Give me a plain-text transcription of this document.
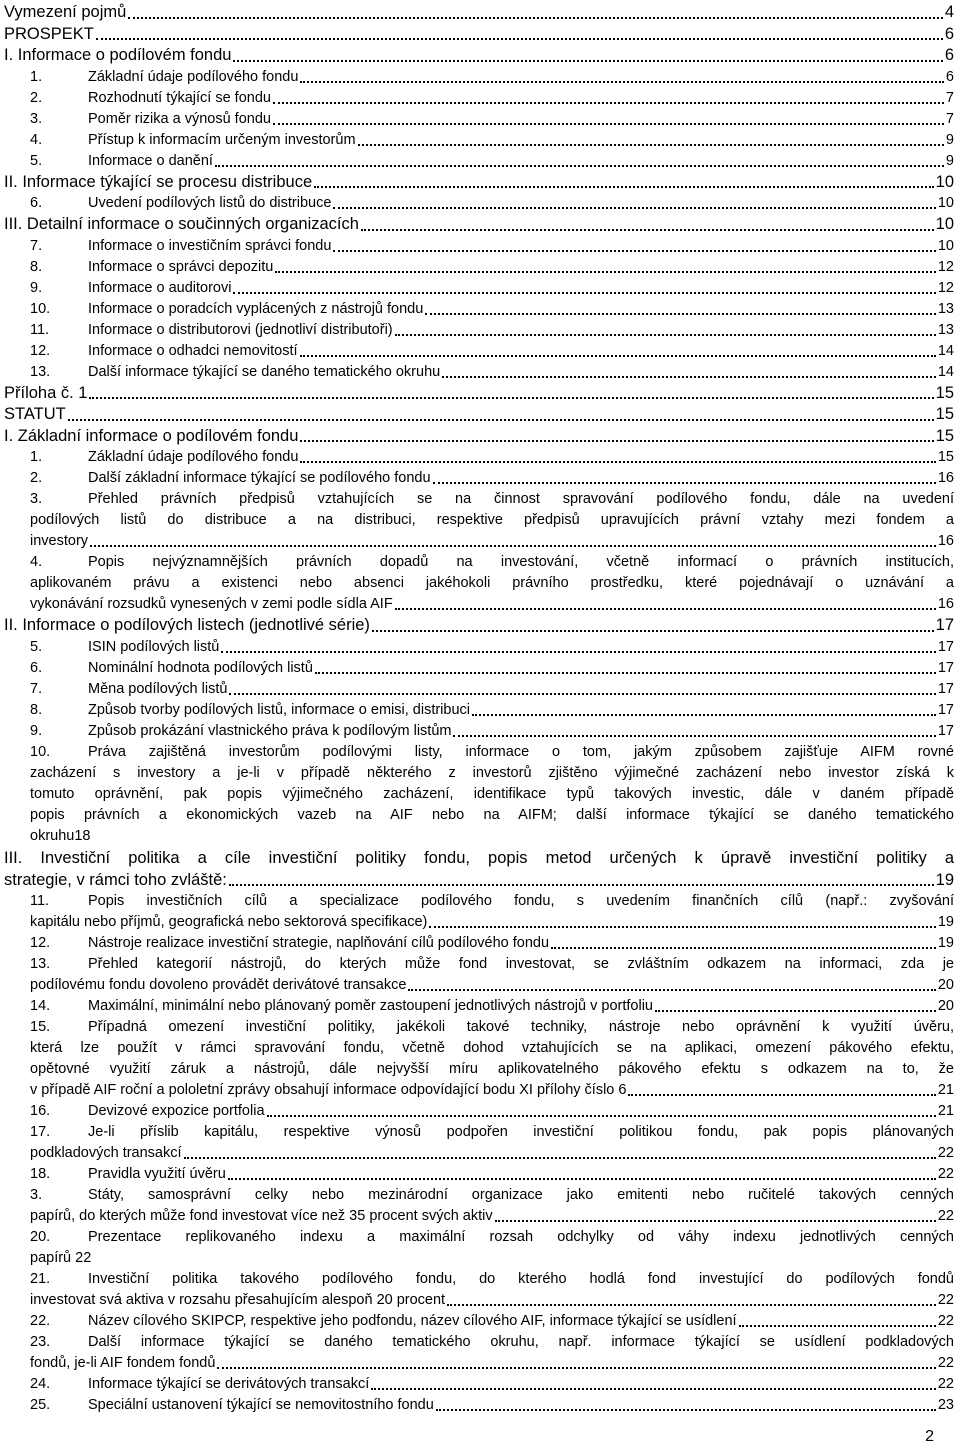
Vymezení pojmů	4
PROSPEKT	6
I. Informace o podílovém fondu	6
1.	Základní údaje podílového fondu	6
2.	Rozhodnutí týkající se fondu	7
3.	Poměr rizika a výnosů fondu	7
4.	Přístup k informacím určeným investorům	9
5.	Informace o danění	9
II. Informace týkající se procesu distribuce	10
6.	Uvedení podílových listů do distribuce	10
III. Detailní informace o součinných organizacích	10
7.	Informace o investičním správci fondu	10
8.	Informace o správci depozitu	12
9.	Informace o auditorovi	12
10.	Informace o poradcích vyplácených z nástrojů fondu	13
11.	Informace o distributorovi (jednotliví distributoři)	13
12.	Informace o odhadci nemovitostí	14
13.	Další informace týkající se daného tematického okruhu	14
Příloha č. 1	15
STATUT	15
I. Základní informace o podílovém fondu	15
1.	Základní údaje podílového fondu	15
2.	Další základní informace týkající se podílového fondu	16
3.	Přehled právních předpisů vztahujících se na činnost spravování podílového fondu, dále na uvedení
podílových listů do distribuce a na distribuci, respektive předpisů upravujících právní vztahy mezi fondem a
investory	16
4.	Popis nejvýznamnějších právních dopadů na investování, včetně informací o právních institucích,
aplikovaném právu a existenci nebo absenci jakéhokoli právního prostředku, které pojednávají o uznávání a
vykonávání rozsudků vynesených v zemi podle sídla AIF	16
II. Informace o podílových listech (jednotlivé série)	17
5.	ISIN podílových listů	17
6.	Nominální hodnota podílových listů	17
7.	Měna podílových listů	17
8.	Způsob tvorby podílových listů, informace o emisi, distribuci	17
9.	Způsob prokázání vlastnického práva k podílovým listům	17
10.	Práva zajištěná investorům podílovými listy, informace o tom, jakým způsobem zajišťuje AIFM rovné
zacházení s investory a je-li v případě některého z investorů zjištěno výjimečné zacházení nebo investor získá k
tomuto oprávnění, pak popis výjimečného zacházení, identifikace typů takových investic, dále v daném případě
popis právních a ekonomických vazeb na AIF nebo na AIFM; další informace týkající se daného tematického
okruhu18
III. Investiční politika a cíle investiční politiky fondu, popis metod určených k úpravě investiční politiky a
strategie, v rámci toho zvláště:	19
11.	Popis investičních cílů a specializace podílového fondu, s uvedením finančních cílů (např.: zvyšování
kapitálu nebo příjmů, geografická nebo sektorová specifikace)	19
12.	Nástroje realizace investiční strategie, naplňování cílů podílového fondu	19
13.	Přehled kategorií nástrojů, do kterých může fond investovat, se zvláštním odkazem na informaci, zda je
podílovému fondu dovoleno provádět derivátové transakce	20
14.	Maximální, minimální nebo plánovaný poměr zastoupení jednotlivých nástrojů v portfoliu	20
15.	Případná omezení investiční politiky, jakékoli takové techniky, nástroje nebo oprávnění k využití úvěru,
která lze použít v rámci spravování fondu, včetně dohod vztahujících se na aplikaci, omezení pákového efektu,
opětovné využití záruk a nástrojů, dále nejvyšší míru aplikovatelného pákového efektu s odkazem na to, že
v případě AIF roční a pololetní zprávy obsahují informace odpovídající bodu XI přílohy číslo 6	21
16.	Devizové expozice portfolia	21
17.	Je-li příslib kapitálu, respektive výnosů podpořen investiční politikou fondu, pak popis plánovaných
podkladových transakcí	22
18.	Pravidla využití úvěru	22
3.	Státy, samosprávní celky nebo mezinárodní organizace jako emitenti nebo ručitelé takových cenných
papírů, do kterých může fond investovat více než 35 procent svých aktiv	22
20.	Prezentace replikovaného indexu a maximální rozsah odchylky od váhy indexu jednotlivých cenných
papírů 22
21.	Investiční politika takového podílového fondu, do kterého hodlá fond investující do podílových fondů
investovat svá aktiva v rozsahu přesahujícím alespoň 20 procent	22
22.	Název cílového SKIPCP, respektive jeho podfondu, název cílového AIF, informace týkající se usídlení	22
23.	Další informace týkající se daného tematického okruhu, např. informace týkající se usídlení podkladových
fondů, je-li AIF fondem fondů	22
24.	Informace týkající se derivátových transakcí	22
25.	Speciální ustanovení týkající se nemovitostního fondu	23
2
